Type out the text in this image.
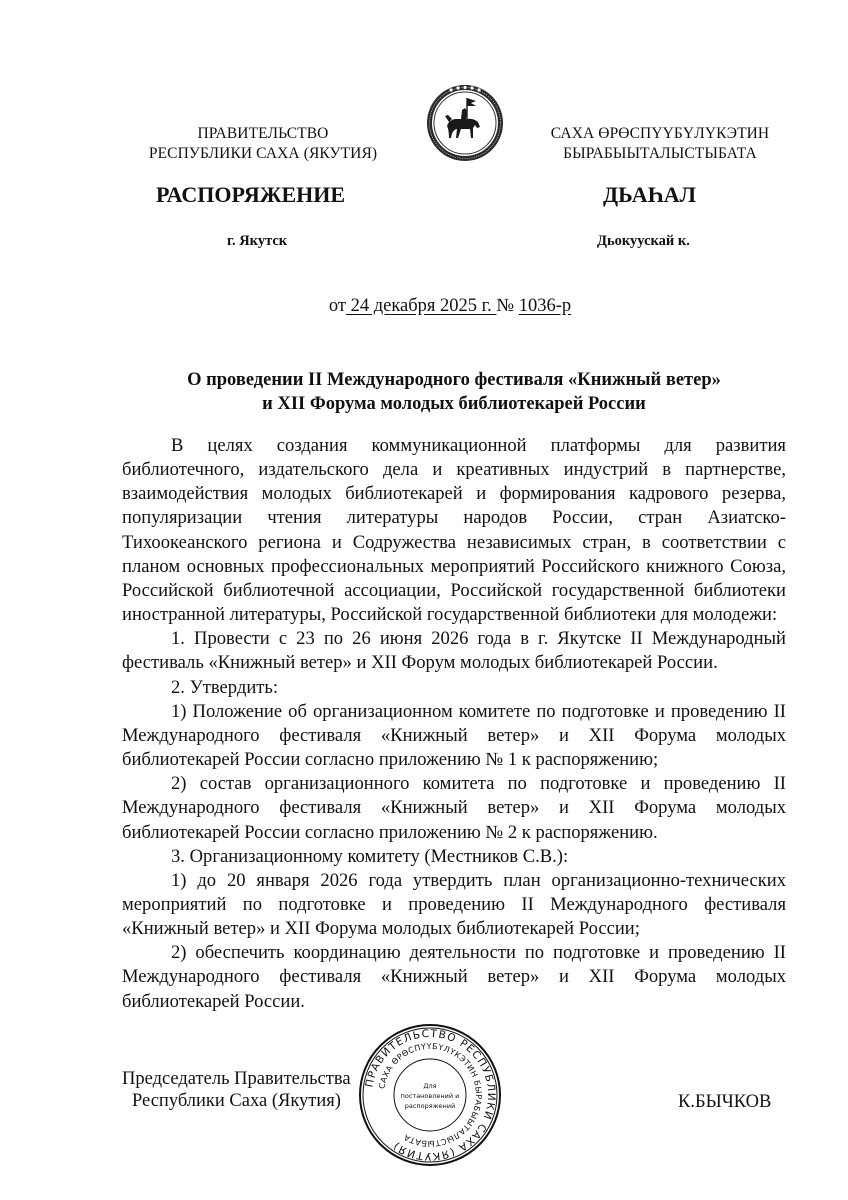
ПРАВИТЕЛЬСТВО
РЕСПУБЛИКИ САХА (ЯКУТИЯ)
САХА ӨРӨСПҮҮБҮЛҮКЭТИН
БЫРАБЫЫТАЛЫСТЫБАТА
РАСПОРЯЖЕНИЕ	ДЬАҺАЛ
г. Якутск	Дьокуускай к.
от 24 декабря 2025 г. № 1036-р
О проведении II Международного фестиваля «Книжный ветер»
и XII Форума молодых библиотекарей России

В целях создания коммуникационной платформы для развития библиотечного, издательского дела и креативных индустрий в партнерстве, взаимодействия молодых библиотекарей и формирования кадрового резерва, популяризации чтения литературы народов России, стран Азиатско-Тихоокеанского региона и Содружества независимых стран, в соответствии с планом основных профессиональных мероприятий Российского книжного Союза, Российской библиотечной ассоциации, Российской государственной библиотеки иностранной литературы, Российской государственной библиотеки для молодежи:

1. Провести с 23 по 26 июня 2026 года в г. Якутске II Международный фестиваль «Книжный ветер» и XII Форум молодых библиотекарей России.

2. Утвердить:

1) Положение об организационном комитете по подготовке и проведению II Международного фестиваля «Книжный ветер» и XII Форума молодых библиотекарей России согласно приложению № 1 к распоряжению;

2) состав организационного комитета по подготовке и проведению II Международного фестиваля «Книжный ветер» и XII Форума молодых библиотекарей России согласно приложению № 2 к распоряжению.

3. Организационному комитету (Местников С.В.):

1) до 20 января 2026 года утвердить план организационно-технических мероприятий по подготовке и проведению II Международного фестиваля «Книжный ветер» и XII Форума молодых библиотекарей России;

2) обеспечить координацию деятельности по подготовке и проведению II Международного фестиваля «Книжный ветер» и XII Форума молодых библиотекарей России.

Председатель Правительства
Республики Саха (Якутия)	К.БЫЧКОВ
ПРАВИТЕЛЬСТВО РЕСПУБЛИКИ САХА (ЯКУТИЯ)
САХА ӨРӨСПҮҮБҮЛҮКЭТИН БЫРАБЫЫТАЛЫСТЫБАТА
Для
постановлений и
распоряжений
